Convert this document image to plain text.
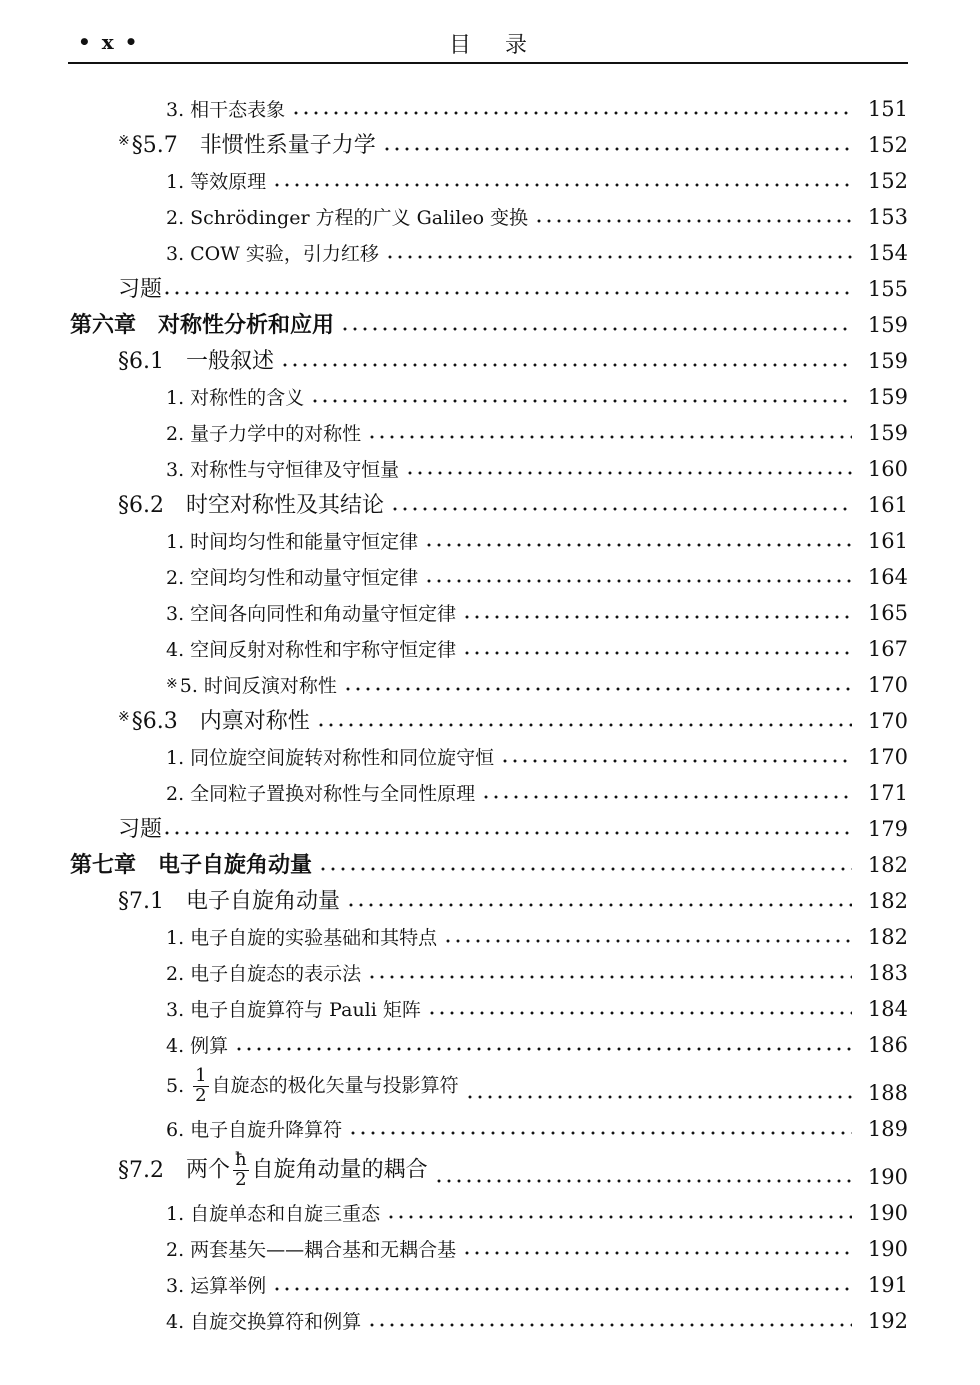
• x •	目录
3. 相干态表象	151
※§5.7 非惯性系量子力学	152
1. 等效原理	152
2. Schrödinger 方程的广义 Galileo 变换	153
3. COW 实验，引力红移	154
习题	155
第六章 对称性分析和应用	159
§6.1 一般叙述	159
1. 对称性的含义	159
2. 量子力学中的对称性	159
3. 对称性与守恒律及守恒量	160
§6.2 时空对称性及其结论	161
1. 时间均匀性和能量守恒定律	161
2. 空间均匀性和动量守恒定律	164
3. 空间各向同性和角动量守恒定律	165
4. 空间反射对称性和宇称守恒定律	167
※ 5. 时间反演对称性	170
※§6.3 内禀对称性	170
1. 同位旋空间旋转对称性和同位旋守恒	170
2. 全同粒子置换对称性与全同性原理	171
习题	179
第七章 电子自旋角动量	182
§7.1 电子自旋角动量	182
1. 电子自旋的实验基础和其特点	182
2. 电子自旋态的表示法	183
3. 电子自旋算符与 Pauli 矩阵	184
4. 例算	186
5. $\frac{1}{2}$ 自旋态的极化矢量与投影算符	188
6. 电子自旋升降算符	189
§7.2 两个 $\frac{ħ}{2}$ 自旋角动量的耦合	190
1. 自旋单态和自旋三重态	190
2. 两套基矢——耦合基和无耦合基	190
3. 运算举例	191
4. 自旋交换算符和例算	192
